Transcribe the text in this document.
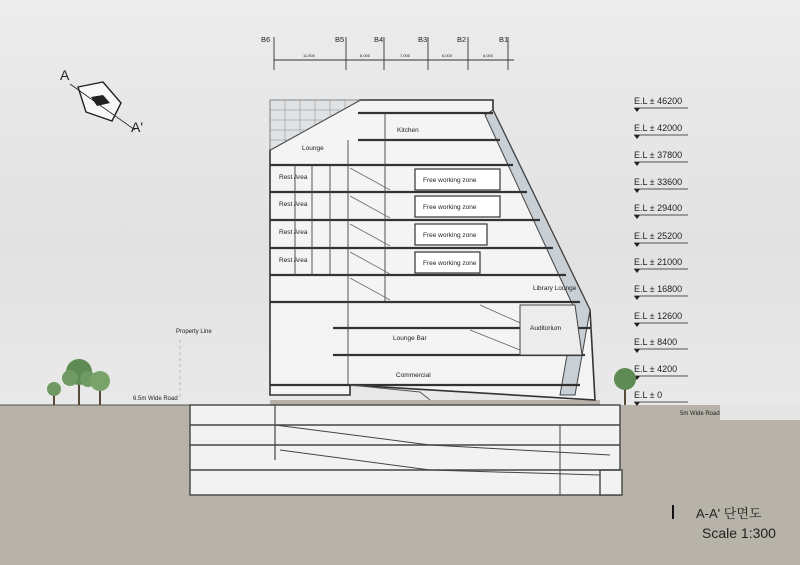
B6	B5	B4	B3	B2	B1
11,500	6,000	7,000	6,000	6,000
A
A'
E.L ± 46200
E.L ± 42000
E.L ± 37800
E.L ± 33600
E.L ± 29400
E.L ± 25200
E.L ± 21000
E.L ± 16800
E.L ± 12600
E.L ± 8400
E.L ± 4200
E.L ± 0
Kitchen
Lounge
Rest Area
Rest Area
Rest Area
Rest Area
Free working zone
Free working zone
Free working zone
Free working zone
Library Lounge
Auditorium
Lounge Bar
Commercial
Property Line
6.5m Wide Road
5m Wide Road
A-A' 단면도
Scale 1:300
